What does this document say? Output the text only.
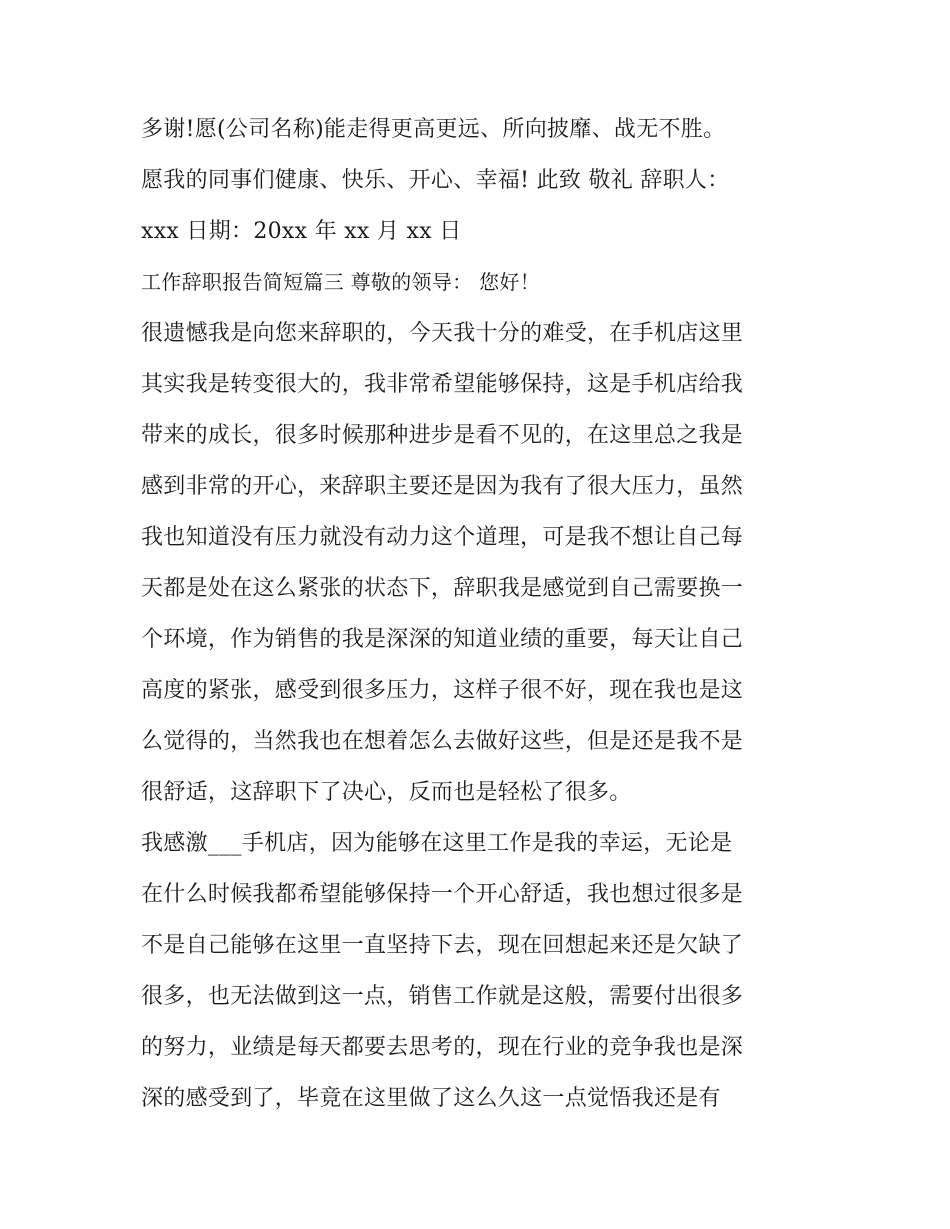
多谢!愿(公司名称)能走得更高更远、所向披靡、战无不胜。

愿我的同事们健康、快乐、开心、幸福! 此致 敬礼 辞职人：

xxx 日期：20xx 年 xx 月 xx 日

工作辞职报告简短篇三 尊敬的领导： 您好！

很遗憾我是向您来辞职的，今天我十分的难受，在手机店这里

其实我是转变很大的，我非常希望能够保持，这是手机店给我

带来的成长，很多时候那种进步是看不见的，在这里总之我是

感到非常的开心，来辞职主要还是因为我有了很大压力，虽然

我也知道没有压力就没有动力这个道理，可是我不想让自己每

天都是处在这么紧张的状态下，辞职我是感觉到自己需要换一

个环境，作为销售的我是深深的知道业绩的重要，每天让自己

高度的紧张，感受到很多压力，这样子很不好，现在我也是这

么觉得的，当然我也在想着怎么去做好这些，但是还是我不是

很舒适，这辞职下了决心，反而也是轻松了很多。

我感激___手机店，因为能够在这里工作是我的幸运，无论是

在什么时候我都希望能够保持一个开心舒适，我也想过很多是

不是自己能够在这里一直坚持下去，现在回想起来还是欠缺了

很多，也无法做到这一点，销售工作就是这般，需要付出很多

的努力，业绩是每天都要去思考的，现在行业的竞争我也是深

深的感受到了，毕竟在这里做了这么久这一点觉悟我还是有
